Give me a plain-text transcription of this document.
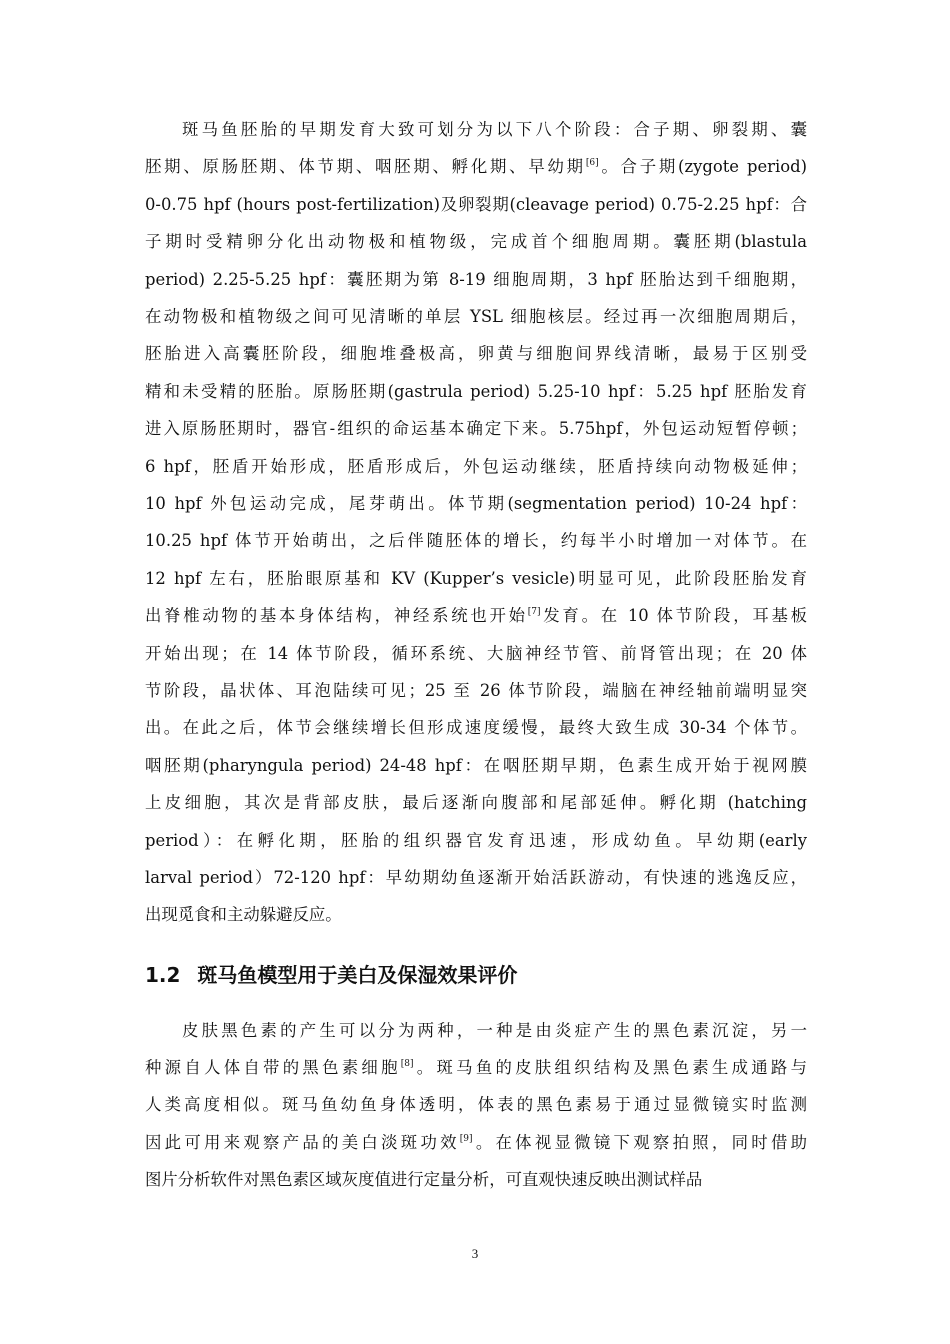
斑马鱼胚胎的早期发育大致可划分为以下八个阶段：合子期、卵裂期、囊
胚期、原肠胚期、体节期、咽胚期、孵化期、早幼期[6]。合子期(zygote period)
0-0.75 hpf (hours post-fertilization)及卵裂期(cleavage period) 0.75-2.25 hpf：合
子期时受精卵分化出动物极和植物级，完成首个细胞周期。囊胚期(blastula
period) 2.25-5.25 hpf：囊胚期为第 8-19 细胞周期，3 hpf 胚胎达到千细胞期，
在动物极和植物级之间可见清晰的单层 YSL 细胞核层。经过再一次细胞周期后，
胚胎进入高囊胚阶段，细胞堆叠极高，卵黄与细胞间界线清晰，最易于区别受
精和未受精的胚胎。原肠胚期(gastrula period) 5.25-10 hpf：5.25 hpf 胚胎发育
进入原肠胚期时，器官-组织的命运基本确定下来。5.75hpf，外包运动短暂停顿；
6 hpf，胚盾开始形成，胚盾形成后，外包运动继续，胚盾持续向动物极延伸；
10 hpf 外包运动完成，尾芽萌出。体节期(segmentation period) 10-24 hpf：
10.25 hpf 体节开始萌出，之后伴随胚体的增长，约每半小时增加一对体节。在
12 hpf 左右，胚胎眼原基和 KV (Kupper’s vesicle)明显可见，此阶段胚胎发育
出脊椎动物的基本身体结构，神经系统也开始[7]发育。在 10 体节阶段，耳基板
开始出现；在 14 体节阶段，循环系统、大脑神经节管、前肾管出现；在 20 体
节阶段，晶状体、耳泡陆续可见；25 至 26 体节阶段，端脑在神经轴前端明显突
出。在此之后，体节会继续增长但形成速度缓慢，最终大致生成 30-34 个体节。
咽胚期(pharyngula period) 24-48 hpf：在咽胚期早期，色素生成开始于视网膜
上皮细胞，其次是背部皮肤，最后逐渐向腹部和尾部延伸。孵化期 (hatching
period）：在孵化期，胚胎的组织器官发育迅速，形成幼鱼。早幼期(early
larval period）72-120 hpf：早幼期幼鱼逐渐开始活跃游动，有快速的逃逸反应，
出现觅食和主动躲避反应。
1.2 斑马鱼模型用于美白及保湿效果评价
皮肤黑色素的产生可以分为两种，一种是由炎症产生的黑色素沉淀，另一
种源自人体自带的黑色素细胞[8]。斑马鱼的皮肤组织结构及黑色素生成通路与
人类高度相似。斑马鱼幼鱼身体透明，体表的黑色素易于通过显微镜实时监测
因此可用来观察产品的美白淡斑功效[9]。在体视显微镜下观察拍照，同时借助
图片分析软件对黑色素区域灰度值进行定量分析，可直观快速反映出测试样品
3
